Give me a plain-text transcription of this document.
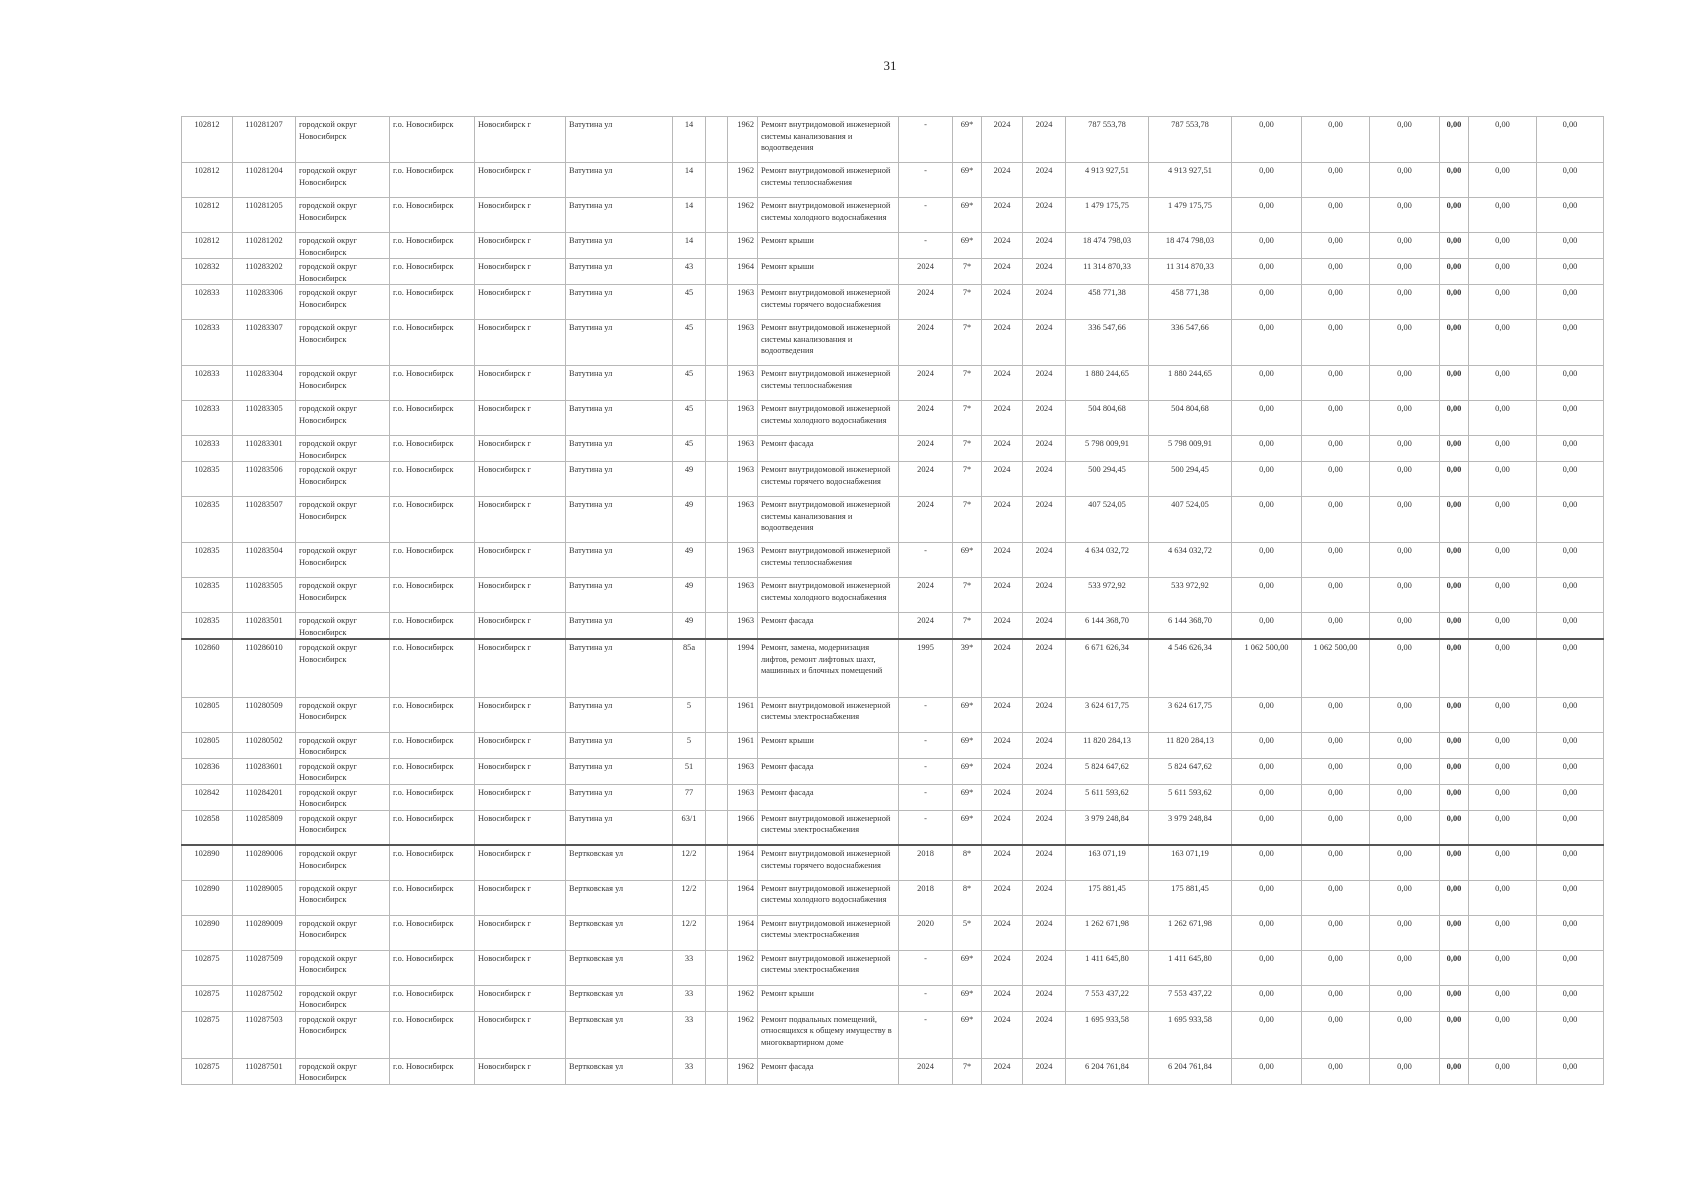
31
102812	110281207	городской округ Новосибирск	г.о. Новосибирск	Новосибирск г	Ватутина ул	14		1962	Ремонт внутридомовой инженерной системы канализования и водоотведения	-	69*	2024	2024	787 553,78	787 553,78	0,00	0,00	0,00	0,00	0,00	0,00
102812	110281204	городской округ Новосибирск	г.о. Новосибирск	Новосибирск г	Ватутина ул	14		1962	Ремонт внутридомовой инженерной системы теплоснабжения	-	69*	2024	2024	4 913 927,51	4 913 927,51	0,00	0,00	0,00	0,00	0,00	0,00
102812	110281205	городской округ Новосибирск	г.о. Новосибирск	Новосибирск г	Ватутина ул	14		1962	Ремонт внутридомовой инженерной системы холодного водоснабжения	-	69*	2024	2024	1 479 175,75	1 479 175,75	0,00	0,00	0,00	0,00	0,00	0,00
102812	110281202	городской округ Новосибирск	г.о. Новосибирск	Новосибирск г	Ватутина ул	14		1962	Ремонт крыши	-	69*	2024	2024	18 474 798,03	18 474 798,03	0,00	0,00	0,00	0,00	0,00	0,00
102832	110283202	городской округ Новосибирск	г.о. Новосибирск	Новосибирск г	Ватутина ул	43		1964	Ремонт крыши	2024	7*	2024	2024	11 314 870,33	11 314 870,33	0,00	0,00	0,00	0,00	0,00	0,00
102833	110283306	городской округ Новосибирск	г.о. Новосибирск	Новосибирск г	Ватутина ул	45		1963	Ремонт внутридомовой инженерной системы горячего водоснабжения	2024	7*	2024	2024	458 771,38	458 771,38	0,00	0,00	0,00	0,00	0,00	0,00
102833	110283307	городской округ Новосибирск	г.о. Новосибирск	Новосибирск г	Ватутина ул	45		1963	Ремонт внутридомовой инженерной системы канализования и водоотведения	2024	7*	2024	2024	336 547,66	336 547,66	0,00	0,00	0,00	0,00	0,00	0,00
102833	110283304	городской округ Новосибирск	г.о. Новосибирск	Новосибирск г	Ватутина ул	45		1963	Ремонт внутридомовой инженерной системы теплоснабжения	2024	7*	2024	2024	1 880 244,65	1 880 244,65	0,00	0,00	0,00	0,00	0,00	0,00
102833	110283305	городской округ Новосибирск	г.о. Новосибирск	Новосибирск г	Ватутина ул	45		1963	Ремонт внутридомовой инженерной системы холодного водоснабжения	2024	7*	2024	2024	504 804,68	504 804,68	0,00	0,00	0,00	0,00	0,00	0,00
102833	110283301	городской округ Новосибирск	г.о. Новосибирск	Новосибирск г	Ватутина ул	45		1963	Ремонт фасада	2024	7*	2024	2024	5 798 009,91	5 798 009,91	0,00	0,00	0,00	0,00	0,00	0,00
102835	110283506	городской округ Новосибирск	г.о. Новосибирск	Новосибирск г	Ватутина ул	49		1963	Ремонт внутридомовой инженерной системы горячего водоснабжения	2024	7*	2024	2024	500 294,45	500 294,45	0,00	0,00	0,00	0,00	0,00	0,00
102835	110283507	городской округ Новосибирск	г.о. Новосибирск	Новосибирск г	Ватутина ул	49		1963	Ремонт внутридомовой инженерной системы канализования и водоотведения	2024	7*	2024	2024	407 524,05	407 524,05	0,00	0,00	0,00	0,00	0,00	0,00
102835	110283504	городской округ Новосибирск	г.о. Новосибирск	Новосибирск г	Ватутина ул	49		1963	Ремонт внутридомовой инженерной системы теплоснабжения	-	69*	2024	2024	4 634 032,72	4 634 032,72	0,00	0,00	0,00	0,00	0,00	0,00
102835	110283505	городской округ Новосибирск	г.о. Новосибирск	Новосибирск г	Ватутина ул	49		1963	Ремонт внутридомовой инженерной системы холодного водоснабжения	2024	7*	2024	2024	533 972,92	533 972,92	0,00	0,00	0,00	0,00	0,00	0,00
102835	110283501	городской округ Новосибирск	г.о. Новосибирск	Новосибирск г	Ватутина ул	49		1963	Ремонт фасада	2024	7*	2024	2024	6 144 368,70	6 144 368,70	0,00	0,00	0,00	0,00	0,00	0,00
102860	110286010	городской округ Новосибирск	г.о. Новосибирск	Новосибирск г	Ватутина ул	85а		1994	Ремонт, замена, модернизация лифтов, ремонт лифтовых шахт, машинных и блочных помещений	1995	39*	2024	2024	6 671 626,34	4 546 626,34	1 062 500,00	1 062 500,00	0,00	0,00	0,00	0,00
102805	110280509	городской округ Новосибирск	г.о. Новосибирск	Новосибирск г	Ватутина ул	5		1961	Ремонт внутридомовой инженерной системы электроснабжения	-	69*	2024	2024	3 624 617,75	3 624 617,75	0,00	0,00	0,00	0,00	0,00	0,00
102805	110280502	городской округ Новосибирск	г.о. Новосибирск	Новосибирск г	Ватутина ул	5		1961	Ремонт крыши	-	69*	2024	2024	11 820 284,13	11 820 284,13	0,00	0,00	0,00	0,00	0,00	0,00
102836	110283601	городской округ Новосибирск	г.о. Новосибирск	Новосибирск г	Ватутина ул	51		1963	Ремонт фасада	-	69*	2024	2024	5 824 647,62	5 824 647,62	0,00	0,00	0,00	0,00	0,00	0,00
102842	110284201	городской округ Новосибирск	г.о. Новосибирск	Новосибирск г	Ватутина ул	77		1963	Ремонт фасада	-	69*	2024	2024	5 611 593,62	5 611 593,62	0,00	0,00	0,00	0,00	0,00	0,00
102858	110285809	городской округ Новосибирск	г.о. Новосибирск	Новосибирск г	Ватутина ул	63/1		1966	Ремонт внутридомовой инженерной системы электроснабжения	-	69*	2024	2024	3 979 248,84	3 979 248,84	0,00	0,00	0,00	0,00	0,00	0,00
102890	110289006	городской округ Новосибирск	г.о. Новосибирск	Новосибирск г	Вертковская ул	12/2		1964	Ремонт внутридомовой инженерной системы горячего водоснабжения	2018	8*	2024	2024	163 071,19	163 071,19	0,00	0,00	0,00	0,00	0,00	0,00
102890	110289005	городской округ Новосибирск	г.о. Новосибирск	Новосибирск г	Вертковская ул	12/2		1964	Ремонт внутридомовой инженерной системы холодного водоснабжения	2018	8*	2024	2024	175 881,45	175 881,45	0,00	0,00	0,00	0,00	0,00	0,00
102890	110289009	городской округ Новосибирск	г.о. Новосибирск	Новосибирск г	Вертковская ул	12/2		1964	Ремонт внутридомовой инженерной системы электроснабжения	2020	5*	2024	2024	1 262 671,98	1 262 671,98	0,00	0,00	0,00	0,00	0,00	0,00
102875	110287509	городской округ Новосибирск	г.о. Новосибирск	Новосибирск г	Вертковская ул	33		1962	Ремонт внутридомовой инженерной системы электроснабжения	-	69*	2024	2024	1 411 645,80	1 411 645,80	0,00	0,00	0,00	0,00	0,00	0,00
102875	110287502	городской округ Новосибирск	г.о. Новосибирск	Новосибирск г	Вертковская ул	33		1962	Ремонт крыши	-	69*	2024	2024	7 553 437,22	7 553 437,22	0,00	0,00	0,00	0,00	0,00	0,00
102875	110287503	городской округ Новосибирск	г.о. Новосибирск	Новосибирск г	Вертковская ул	33		1962	Ремонт подвальных помещений, относящихся к общему имуществу в многоквартирном доме	-	69*	2024	2024	1 695 933,58	1 695 933,58	0,00	0,00	0,00	0,00	0,00	0,00
102875	110287501	городской округ Новосибирск	г.о. Новосибирск	Новосибирск г	Вертковская ул	33		1962	Ремонт фасада	2024	7*	2024	2024	6 204 761,84	6 204 761,84	0,00	0,00	0,00	0,00	0,00	0,00
